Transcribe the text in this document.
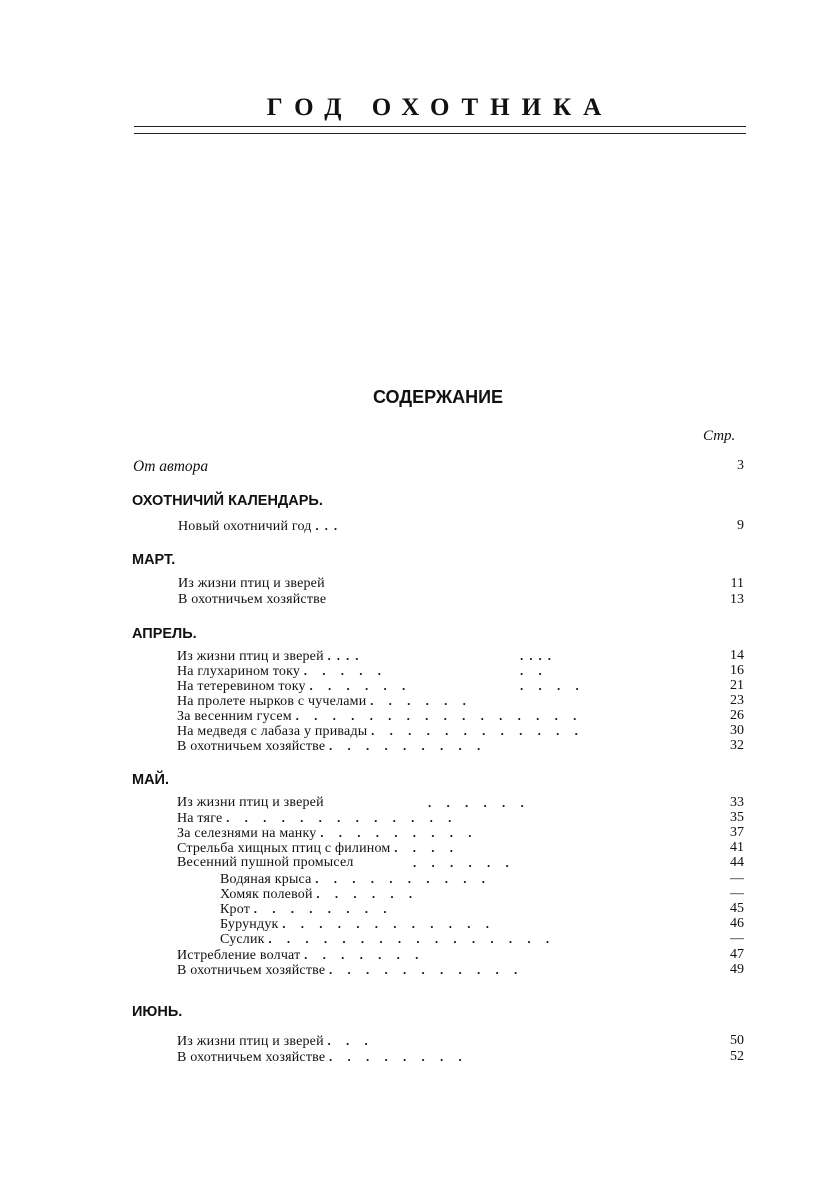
ГОД ОХОТНИКА
СОДЕРЖАНИЕ
Стр.
От автора	3
ОХОТНИЧИЙ КАЛЕНДАРЬ.
Новый охотничий год ...	9
МАРТ.
Из жизни птиц и зверей	11
В охотничьем хозяйстве	13
АПРЕЛЬ.
Из жизни птиц и зверей ....	....	14
На глухарином току . . . . .	. .	16
На тетеревином току . . . . . .	. . . .	21
На пролете нырков с чучелами . . . . . .	23
За весенним гусем . . . . . . . . . . . . . . . .	26
На медведя с лабаза у привады . . . . . . . . . . . .	30
В охотничьем хозяйстве . . . . . . . . .	32
МАЙ.
Из жизни птиц и зверей	. . . . . .	33
На тяге . . . . . . . . . . . . .	35
За селезнями на манку . . . . . . . . .	37
Стрельба хищных птиц с филином . . . .	41
Весенний пушной промысел	. . . . . .	44
Водяная крыса . . . . . . . . . .	—
Хомяк полевой . . . . . .	—
Крот . . . . . . . .	45
Бурундук . . . . . . . . . . . .	46
Суслик . . . . . . . . . . . . . . . .	—
Истребление волчат . . . . . . .	47
В охотничьем хозяйстве . . . . . . . . . . .	49
ИЮНЬ.
Из жизни птиц и зверей . . .	50
В охотничьем хозяйстве . . . . . . . .	52
